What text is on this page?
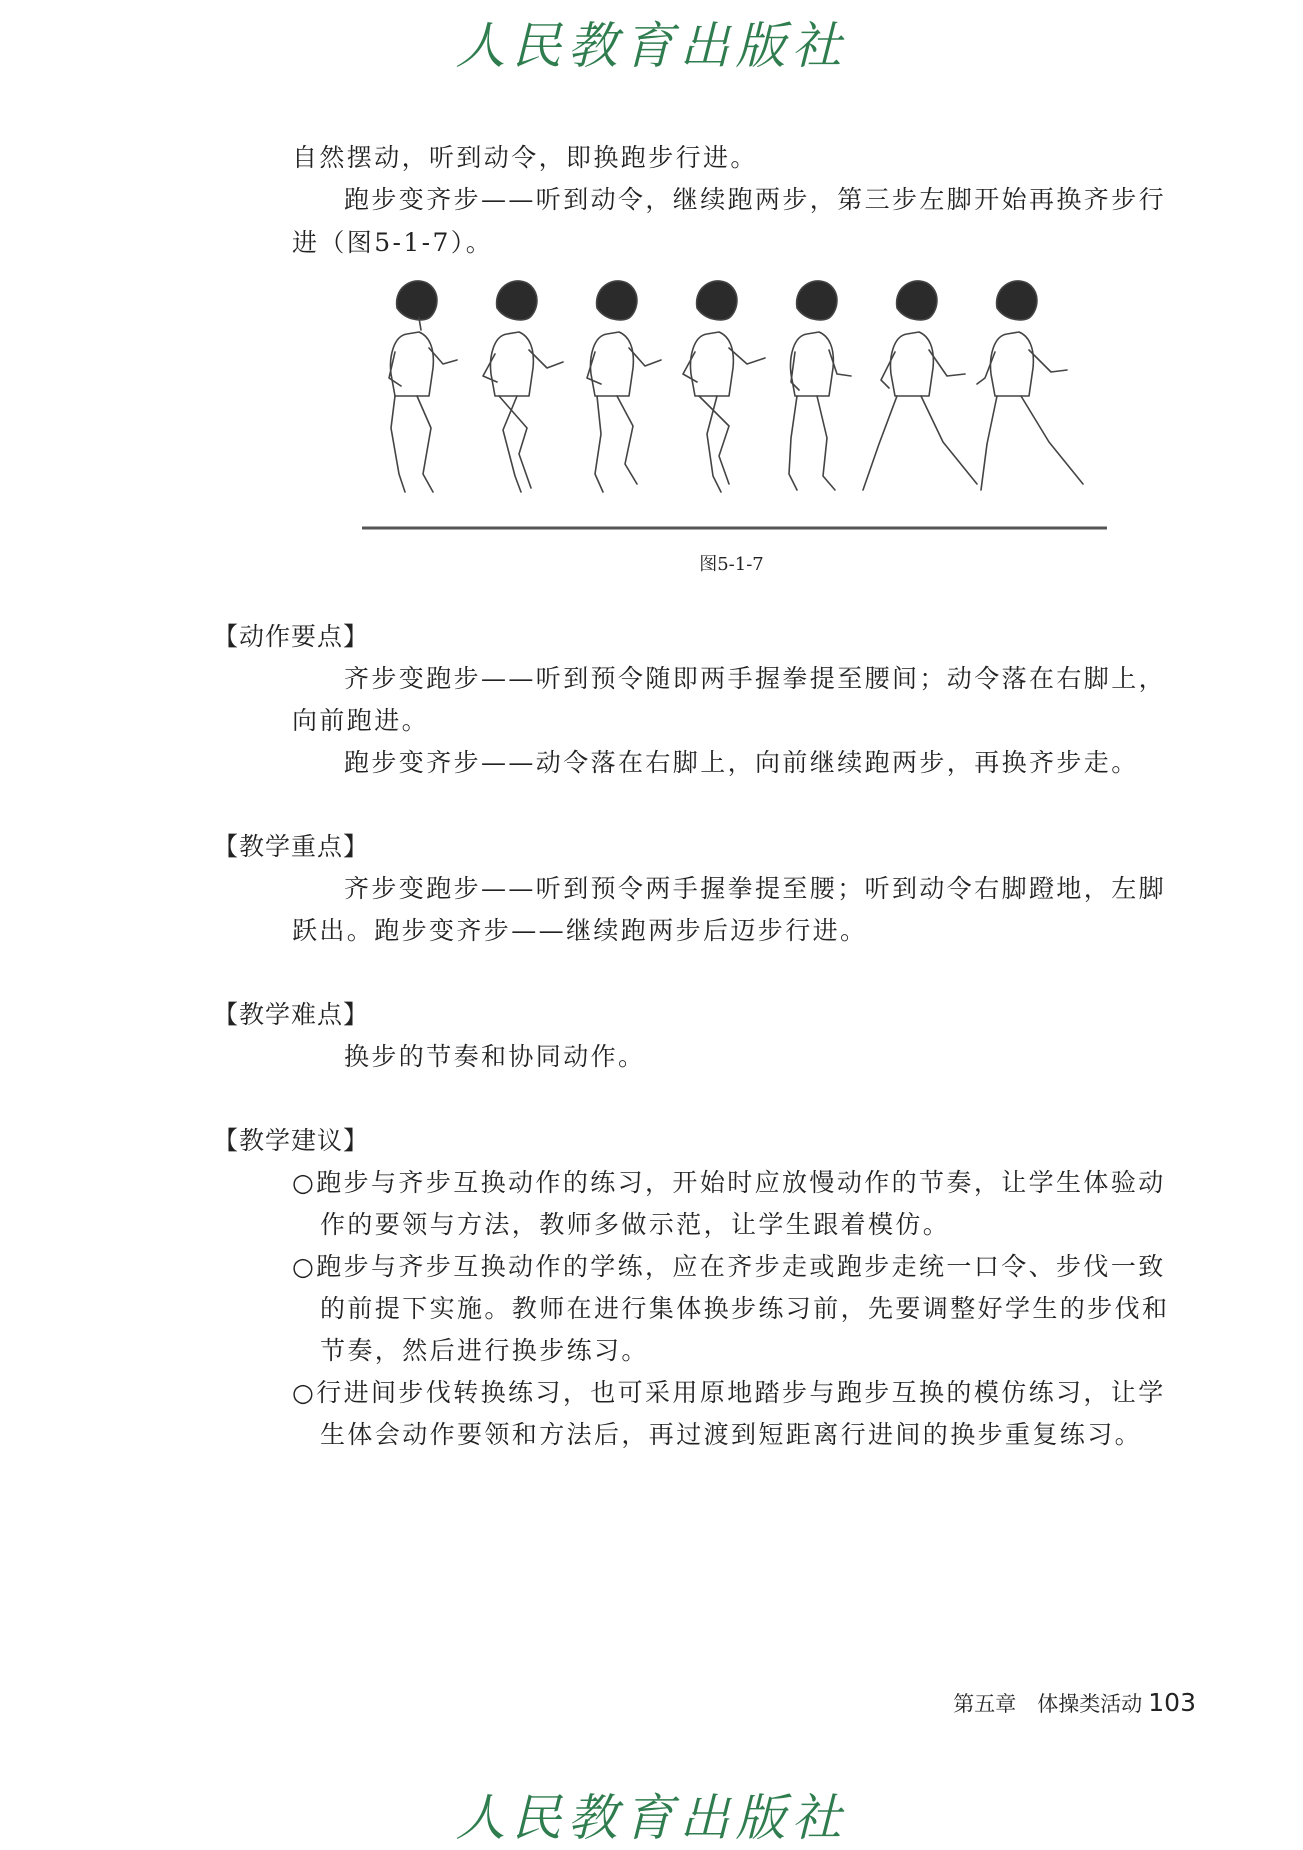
人民教育出版社
自然摆动，听到动令，即换跑步行进。
跑步变齐步——听到动令，继续跑两步，第三步左脚开始再换齐步行
进（图5-1-7）。
图5-1-7
【动作要点】
齐步变跑步——听到预令随即两手握拳提至腰间；动令落在右脚上，
向前跑进。
跑步变齐步——动令落在右脚上，向前继续跑两步，再换齐步走。
【教学重点】
齐步变跑步——听到预令两手握拳提至腰；听到动令右脚蹬地，左脚
跃出。跑步变齐步——继续跑两步后迈步行进。
【教学难点】
换步的节奏和协同动作。
【教学建议】
○跑步与齐步互换动作的练习，开始时应放慢动作的节奏，让学生体验动
作的要领与方法，教师多做示范，让学生跟着模仿。
○跑步与齐步互换动作的学练，应在齐步走或跑步走统一口令、步伐一致
的前提下实施。教师在进行集体换步练习前，先要调整好学生的步伐和
节奏，然后进行换步练习。
○行进间步伐转换练习，也可采用原地踏步与跑步互换的模仿练习，让学
生体会动作要领和方法后，再过渡到短距离行进间的换步重复练习。
第五章　体操类活动 103
人民教育出版社
